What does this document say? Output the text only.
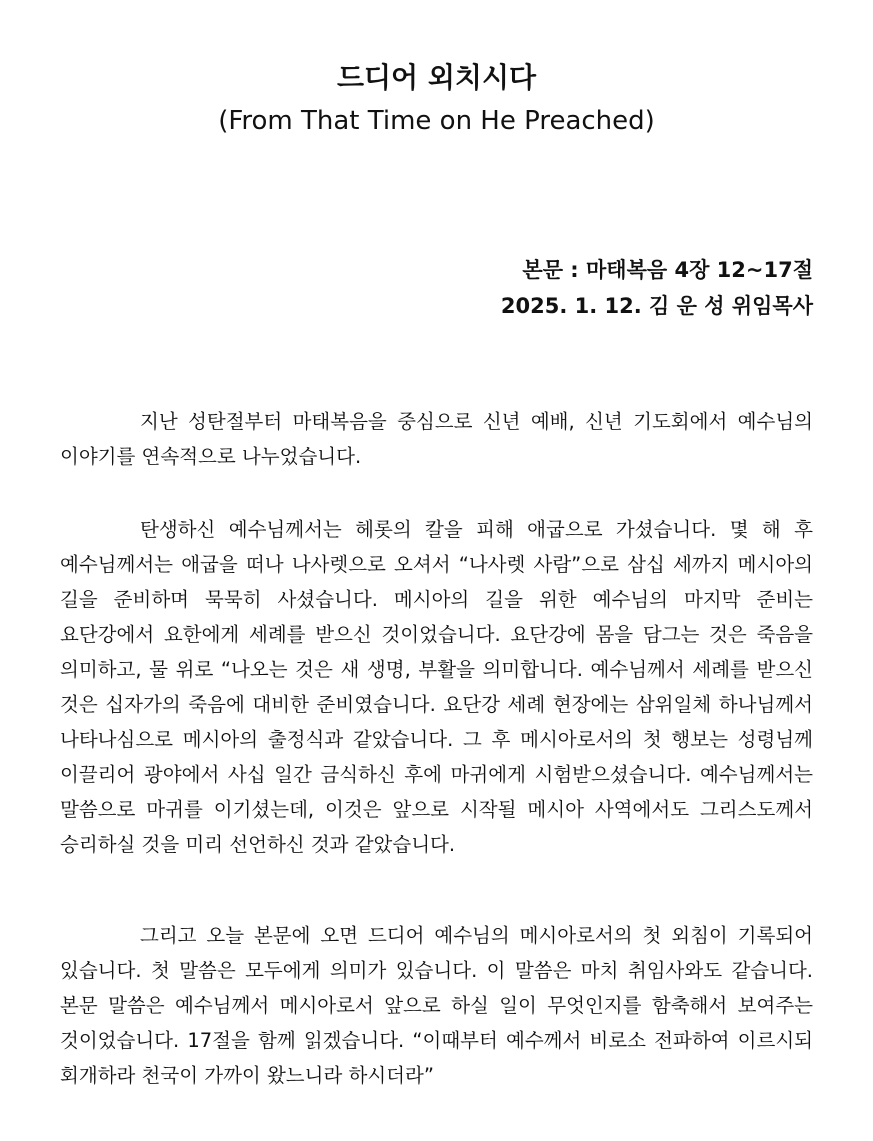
드디어 외치시다
(From That Time on He Preached)
본문 : 마태복음 4장 12~17절
2025. 1. 12. 김 운 성 위임목사

지난 성탄절부터 마태복음을 중심으로 신년 예배, 신년 기도회에서 예수님의 이야기를 연속적으로 나누었습니다.

탄생하신 예수님께서는 헤롯의 칼을 피해 애굽으로 가셨습니다. 몇 해 후 예수님께서는 애굽을 떠나 나사렛으로 오셔서 “나사렛 사람”으로 삼십 세까지 메시아의 길을 준비하며 묵묵히 사셨습니다. 메시아의 길을 위한 예수님의 마지막 준비는 요단강에서 요한에게 세례를 받으신 것이었습니다. 요단강에 몸을 담그는 것은 죽음을 의미하고, 물 위로 “나오는 것은 새 생명, 부활을 의미합니다. 예수님께서 세례를 받으신 것은 십자가의 죽음에 대비한 준비였습니다. 요단강 세례 현장에는 삼위일체 하나님께서 나타나심으로 메시아의 출정식과 같았습니다. 그 후 메시아로서의 첫 행보는 성령님께 이끌리어 광야에서 사십 일간 금식하신 후에 마귀에게 시험받으셨습니다. 예수님께서는 말씀으로 마귀를 이기셨는데, 이것은 앞으로 시작될 메시아 사역에서도 그리스도께서 승리하실 것을 미리 선언하신 것과 같았습니다.

그리고 오늘 본문에 오면 드디어 예수님의 메시아로서의 첫 외침이 기록되어 있습니다. 첫 말씀은 모두에게 의미가 있습니다. 이 말씀은 마치 취임사와도 같습니다. 본문 말씀은 예수님께서 메시아로서 앞으로 하실 일이 무엇인지를 함축해서 보여주는 것이었습니다. 17절을 함께 읽겠습니다. “이때부터 예수께서 비로소 전파하여 이르시되 회개하라 천국이 가까이 왔느니라 하시더라”
